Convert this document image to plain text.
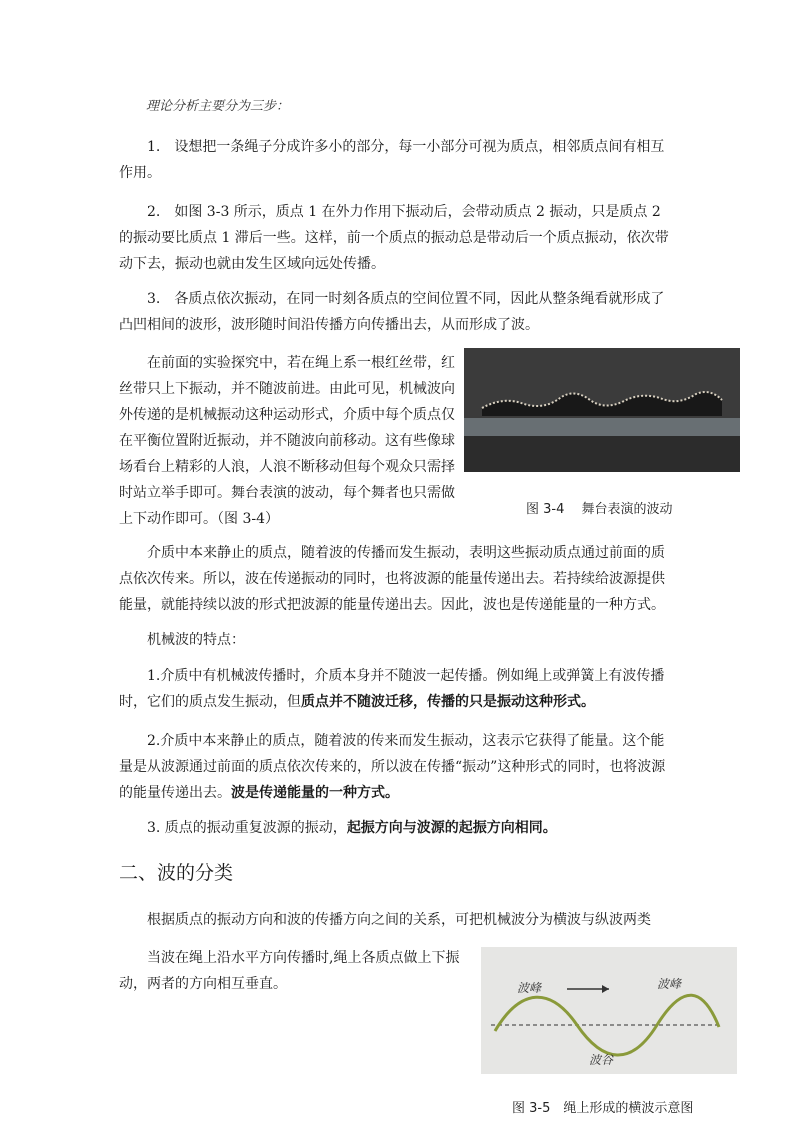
理论分析主要分为三步：

1.　设想把一条绳子分成许多小的部分，每一小部分可视为质点，相邻质点间有相互作用。

2.　如图 3-3 所示，质点 1 在外力作用下振动后，会带动质点 2 振动，只是质点 2 的振动要比质点 1 滞后一些。这样，前一个质点的振动总是带动后一个质点振动，依次带动下去，振动也就由发生区域向远处传播。

3.　各质点依次振动，在同一时刻各质点的空间位置不同，因此从整条绳看就形成了凸凹相间的波形，波形随时间沿传播方向传播出去，从而形成了波。

在前面的实验探究中，若在绳上系一根红丝带，红丝带只上下振动，并不随波前进。由此可见，机械波向外传递的是机械振动这种运动形式，介质中每个质点仅在平衡位置附近振动，并不随波向前移动。这有些像球场看台上精彩的人浪，人浪不断移动但每个观众只需择时站立举手即可。舞台表演的波动，每个舞者也只需做上下动作即可。（图 3-4）

图 3-4　 舞台表演的波动

介质中本来静止的质点，随着波的传播而发生振动，表明这些振动质点通过前面的质点依次传来。所以，波在传递振动的同时，也将波源的能量传递出去。若持续给波源提供能量，就能持续以波的形式把波源的能量传递出去。因此，波也是传递能量的一种方式。

机械波的特点：

1.介质中有机械波传播时，介质本身并不随波一起传播。例如绳上或弹簧上有波传播时，它们的质点发生振动，但质点并不随波迁移，传播的只是振动这种形式。

2.介质中本来静止的质点，随着波的传来而发生振动，这表示它获得了能量。这个能量是从波源通过前面的质点依次传来的，所以波在传播“振动”这种形式的同时，也将波源的能量传递出去。波是传递能量的一种方式。

3. 质点的振动重复波源的振动，起振方向与波源的起振方向相同。

二、波的分类

根据质点的振动方向和波的传播方向之间的关系，可把机械波分为横波与纵波两类

当波在绳上沿水平方向传播时,绳上各质点做上下振动，两者的方向相互垂直。	波峰	波峰
波谷
图 3-5　绳上形成的横波示意图
